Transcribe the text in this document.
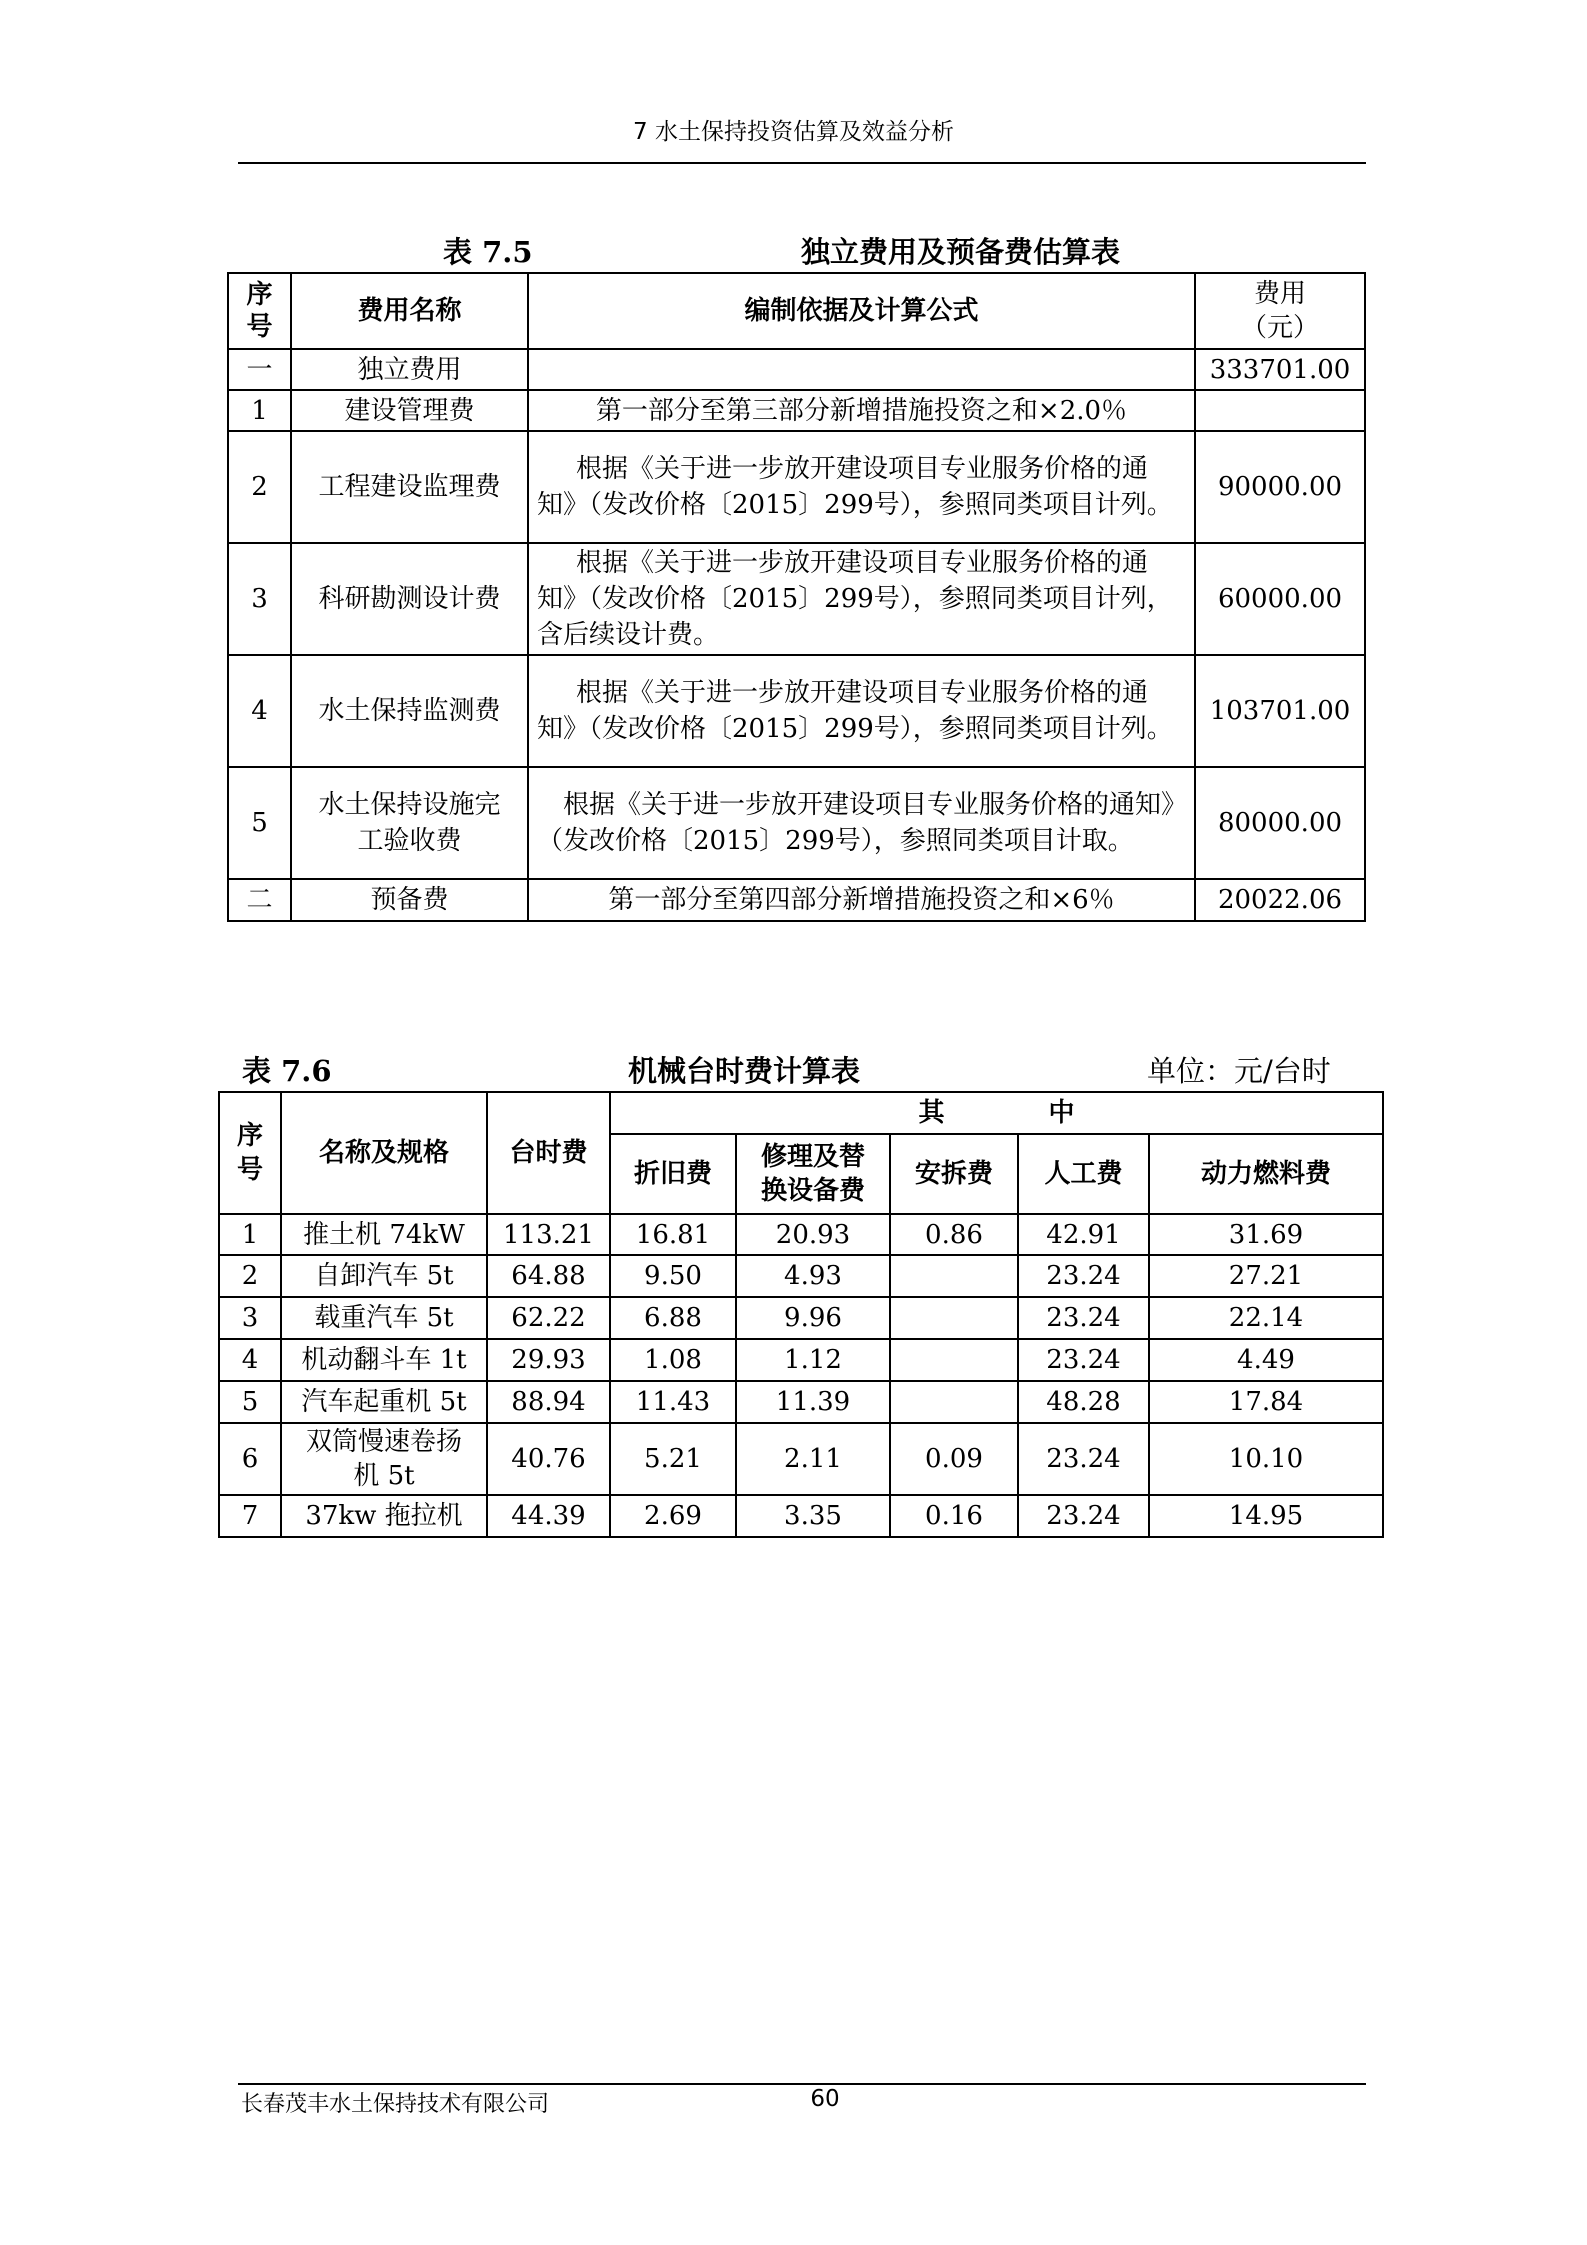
7 水土保持投资估算及效益分析
表 7.5	独立费用及预备费估算表
序号	费用名称	编制依据及计算公式	费用（元）
一	独立费用		333701.00
1	建设管理费	第一部分至第三部分新增措施投资之和×2.0％	
2	工程建设监理费	根据《关于进一步放开建设项目专业服务价格的通知》（发改价格〔2015〕299号），参照同类项目计列。	90000.00
3	科研勘测设计费	根据《关于进一步放开建设项目专业服务价格的通知》（发改价格〔2015〕299号），参照同类项目计列，含后续设计费。	60000.00
4	水土保持监测费	根据《关于进一步放开建设项目专业服务价格的通知》（发改价格〔2015〕299号），参照同类项目计列。	103701.00
5	水土保持设施完工验收费	根据《关于进一步放开建设项目专业服务价格的通知》（发改价格〔2015〕299号），参照同类项目计取。	80000.00
二	预备费	第一部分至第四部分新增措施投资之和×6％	20022.06
表 7.6	机械台时费计算表	单位：元/台时
序号	名称及规格	台时费	其　　　　中				
			折旧费	修理及替换设备费	安拆费	人工费	动力燃料费
1	推土机 74kW	113.21	16.81	20.93	0.86	42.91	31.69
2	自卸汽车 5t	64.88	9.50	4.93		23.24	27.21
3	载重汽车 5t	62.22	6.88	9.96		23.24	22.14
4	机动翻斗车 1t	29.93	1.08	1.12		23.24	4.49
5	汽车起重机 5t	88.94	11.43	11.39		48.28	17.84
6	双筒慢速卷扬机 5t	40.76	5.21	2.11	0.09	23.24	10.10
7	37kw 拖拉机	44.39	2.69	3.35	0.16	23.24	14.95
长春茂丰水土保持技术有限公司	60
